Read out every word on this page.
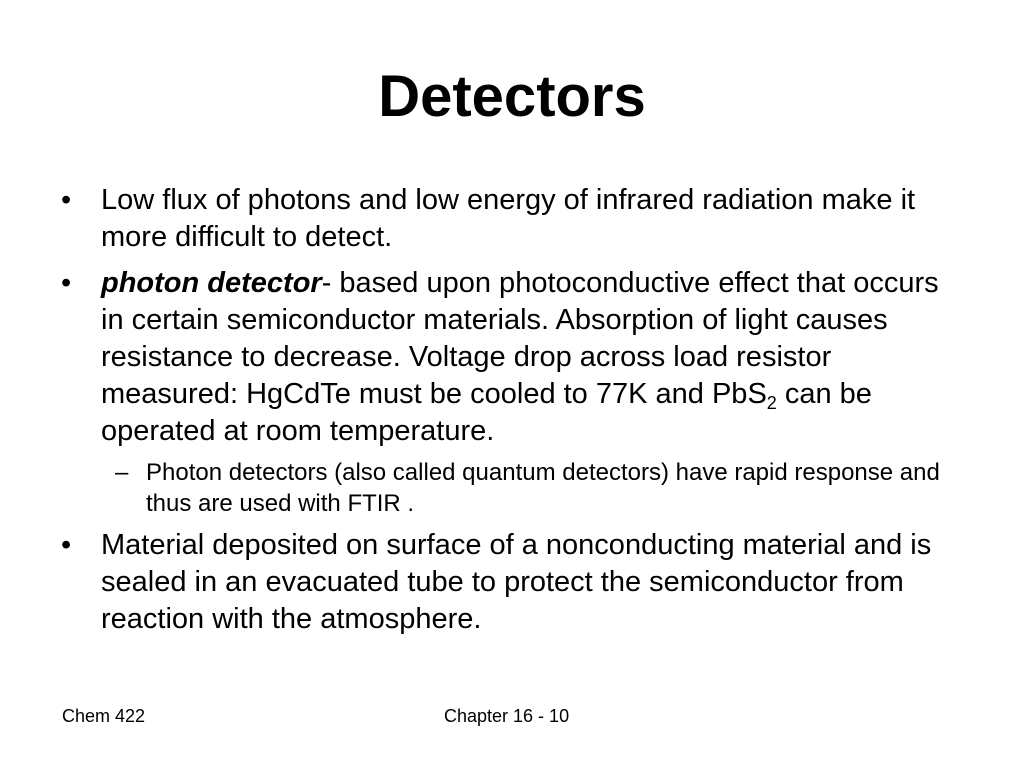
Detectors
• Low flux of photons and low energy of infrared radiation make it more difficult to detect.
• photon detector- based upon photoconductive effect that occurs in certain semiconductor materials. Absorption of light causes resistance to decrease. Voltage drop across load resistor measured: HgCdTe must be cooled to 77K and PbS$_2$ can be operated at room temperature.
– Photon detectors (also called quantum detectors) have rapid response and thus are used with FTIR .
• Material deposited on surface of a nonconducting material and is sealed in an evacuated tube to protect the semiconductor from reaction with the atmosphere.
Chem 422	Chapter 16 - 10
